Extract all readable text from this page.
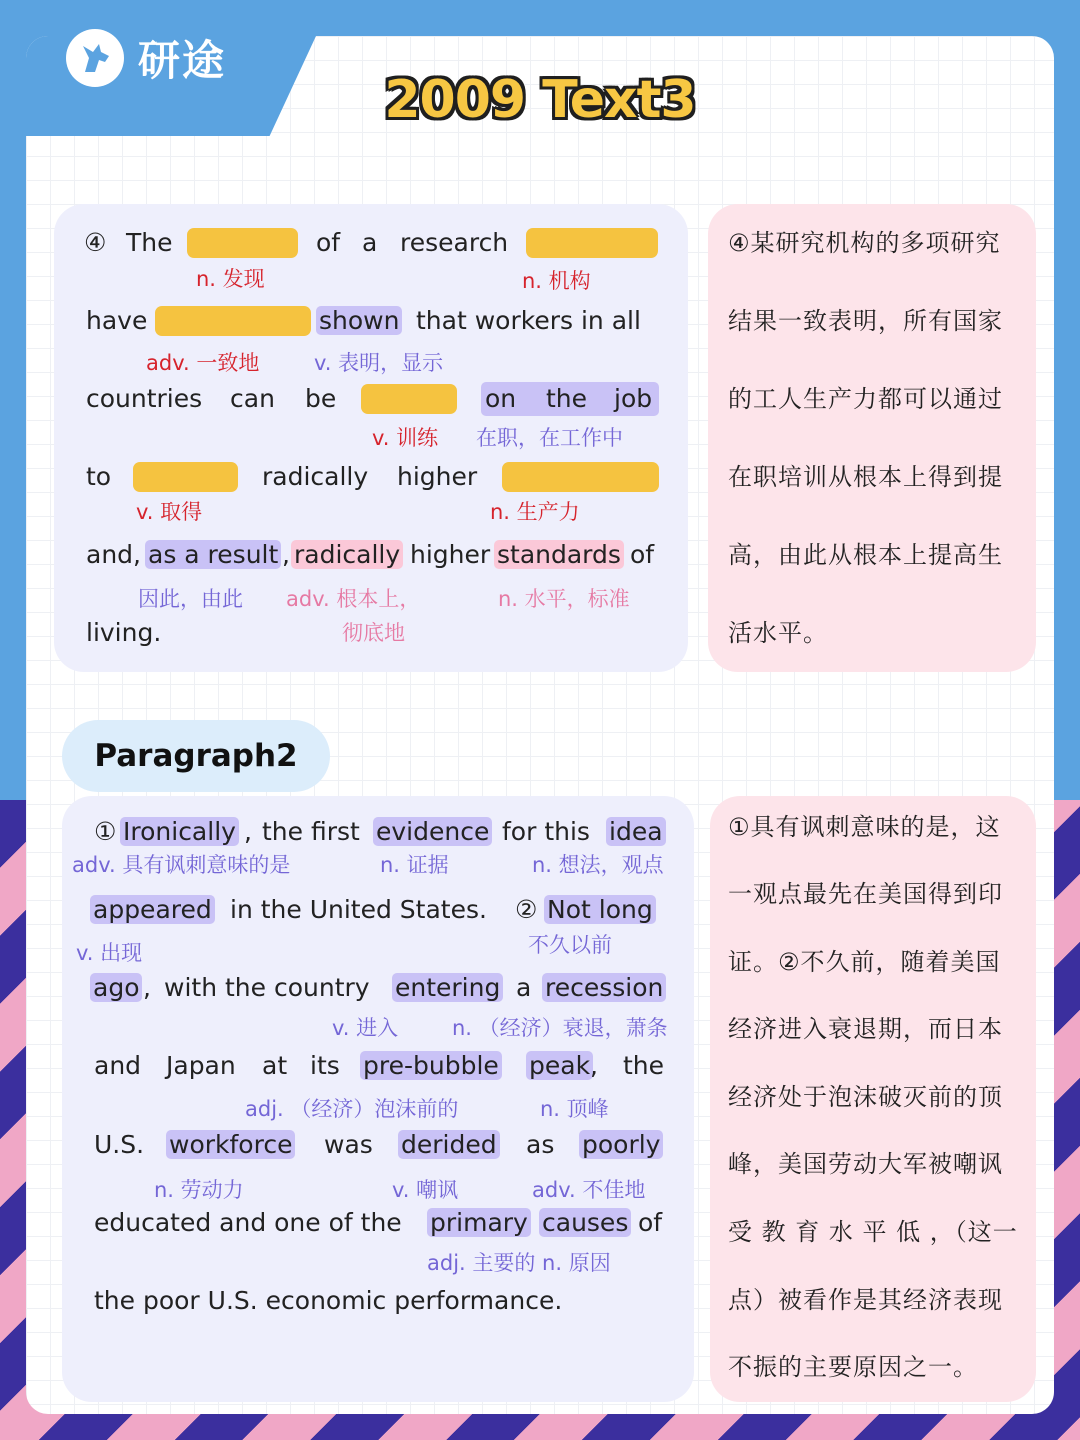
研途
2009 Text3
④ The	of a research
n. 发现	n. 机构
have	shown that workers in all
adv. 一致地	v. 表明，显示
countries can be	on the job
v. 训练 在职，在工作中
to	radically higher
v. 取得	n. 生产力
and, as a result , radically higher standards of
因此，由此 adv. 根本上，
彻底地
n. 水平，标准
living.
④某研究机构的多项研究
结果一致表明，所有国家
的工人生产力都可以通过
在职培训从根本上得到提
高，由此从根本上提高生
活水平。
Paragraph2
① Ironically , the first evidence for this idea
adv. 具有讽刺意味的是	n. 证据	n. 想法，观点
appeared in the United States. ② Not long
v. 出现	不久以前
ago , with the country entering a recession
v. 进入	n. （经济）衰退，萧条
and Japan at its pre-bubble peak , the
adj. （经济）泡沫前的	n. 顶峰
U.S. workforce was derided as poorly
n. 劳动力	v. 嘲讽	adv. 不佳地
educated and one of the primary causes of
adj. 主要的 n. 原因
the poor U.S. economic performance.
①具有讽刺意味的是，这
一观点最先在美国得到印
证。②不久前，随着美国
经济进入衰退期，而日本
经济处于泡沫破灭前的顶
峰，美国劳动大军被嘲讽
受 教 育 水 平 低 ，（这一
点）被看作是其经济表现
不振的主要原因之一。
